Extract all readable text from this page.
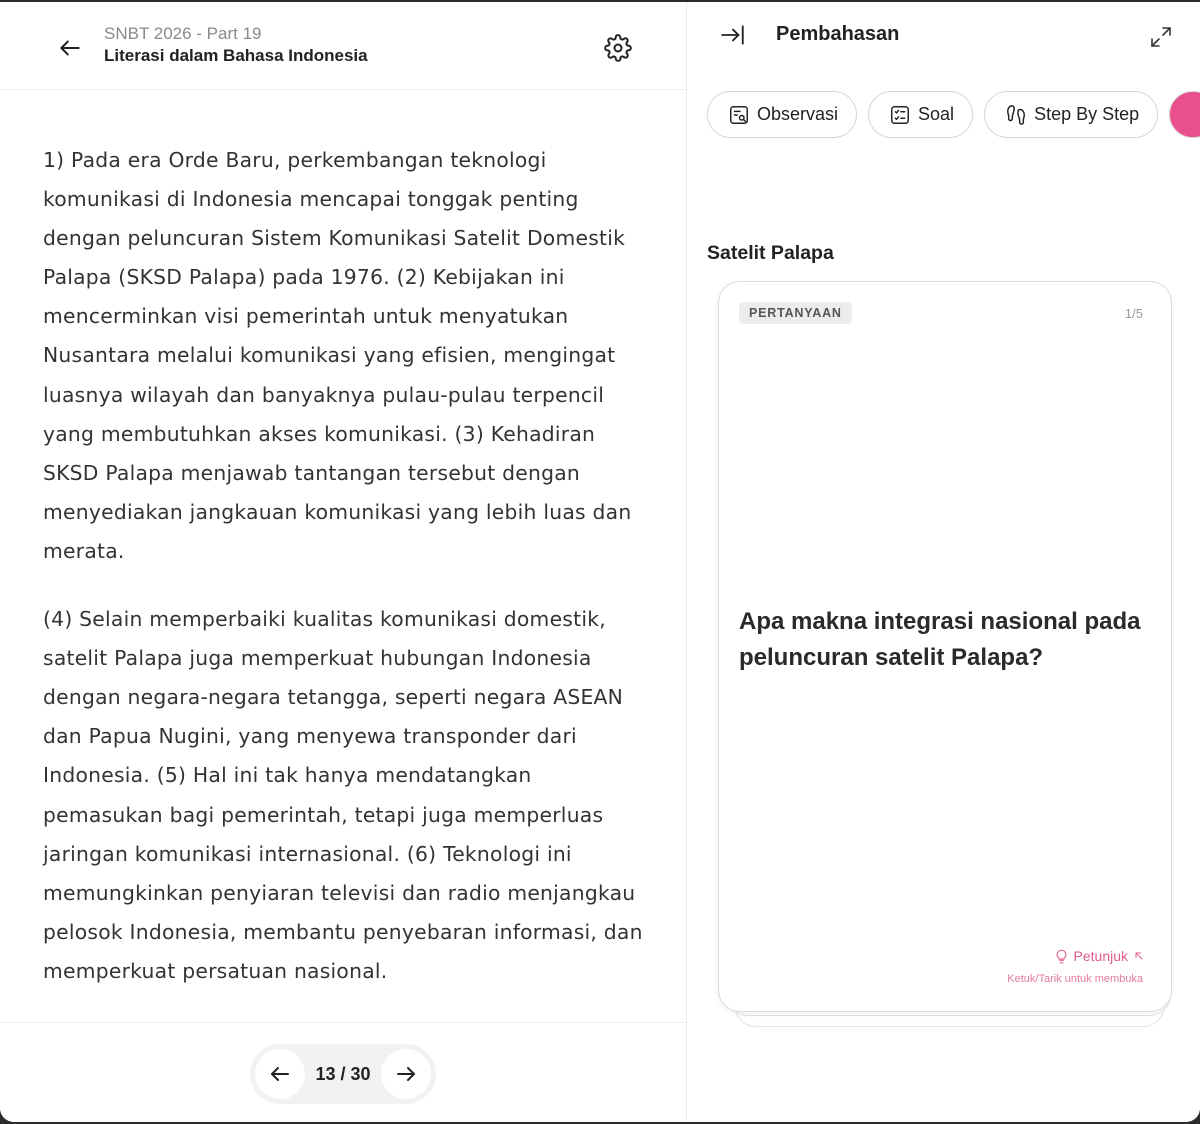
SNBT 2026 - Part 19
Literasi dalam Bahasa Indonesia

1) Pada era Orde Baru, perkembangan teknologi komunikasi di Indonesia mencapai tonggak penting dengan peluncuran Sistem Komunikasi Satelit Domestik Palapa (SKSD Palapa) pada 1976. (2) Kebijakan ini mencerminkan visi pemerintah untuk menyatukan Nusantara melalui komunikasi yang efisien, mengingat luasnya wilayah dan banyaknya pulau-pulau terpencil yang membutuhkan akses komunikasi. (3) Kehadiran SKSD Palapa menjawab tantangan tersebut dengan menyediakan jangkauan komunikasi yang lebih luas dan merata.

(4) Selain memperbaiki kualitas komunikasi domestik, satelit Palapa juga memperkuat hubungan Indonesia dengan negara-negara tetangga, seperti negara ASEAN dan Papua Nugini, yang menyewa transponder dari Indonesia. (5) Hal ini tak hanya mendatangkan pemasukan bagi pemerintah, tetapi juga memperluas jaringan komunikasi internasional. (6) Teknologi ini memungkinkan penyiaran televisi dan radio menjangkau pelosok Indonesia, membantu penyebaran informasi, dan memperkuat persatuan nasional.

13 / 30
Pembahasan
Observasi	Soal	Step By Step
Satelit Palapa
PERTANYAAN	1/5
Apa makna integrasi nasional pada peluncuran satelit Palapa?
Petunjuk
Ketuk/Tarik untuk membuka
